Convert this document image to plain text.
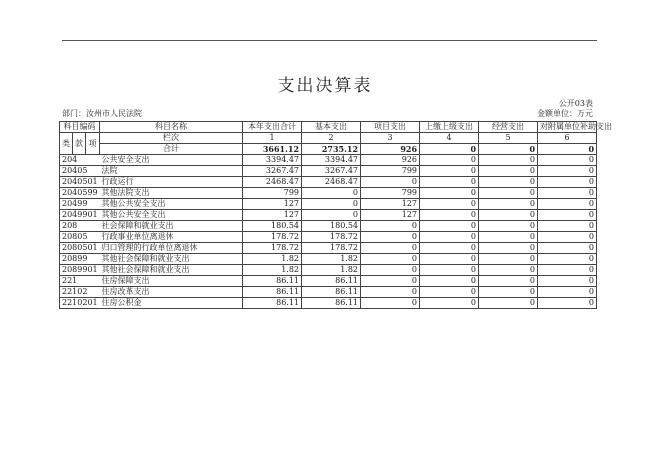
支出决算表
公开03表
部门：汝州市人民法院	金额单位：万元
科目编码			科目名称	本年支出合计	基本支出	项目支出	上缴上级支出	经营支出	对附属单位补助支出
类	款	项	栏次	1	2	3	4	5	6
			合计	3661.12	2735.12	926	0	0	0
204			公共安全支出	3394.47	3394.47	926	0	0	0
20405			法院	3267.47	3267.47	799	0	0	0
2040501			行政运行	2468.47	2468.47	0	0	0	0
2040599			其他法院支出	799	0	799	0	0	0
20499			其他公共安全支出	127	0	127	0	0	0
2049901			其他公共安全支出	127	0	127	0	0	0
208			社会保障和就业支出	180.54	180.54	0	0	0	0
20805			行政事业单位离退休	178.72	178.72	0	0	0	0
2080501			归口管理的行政单位离退休	178.72	178.72	0	0	0	0
20899			其他社会保障和就业支出	1.82	1.82	0	0	0	0
2089901			其他社会保障和就业支出	1.82	1.82	0	0	0	0
221			住房保障支出	86.11	86.11	0	0	0	0
22102			住房改革支出	86.11	86.11	0	0	0	0
2210201			住房公积金	86.11	86.11	0	0	0	0
